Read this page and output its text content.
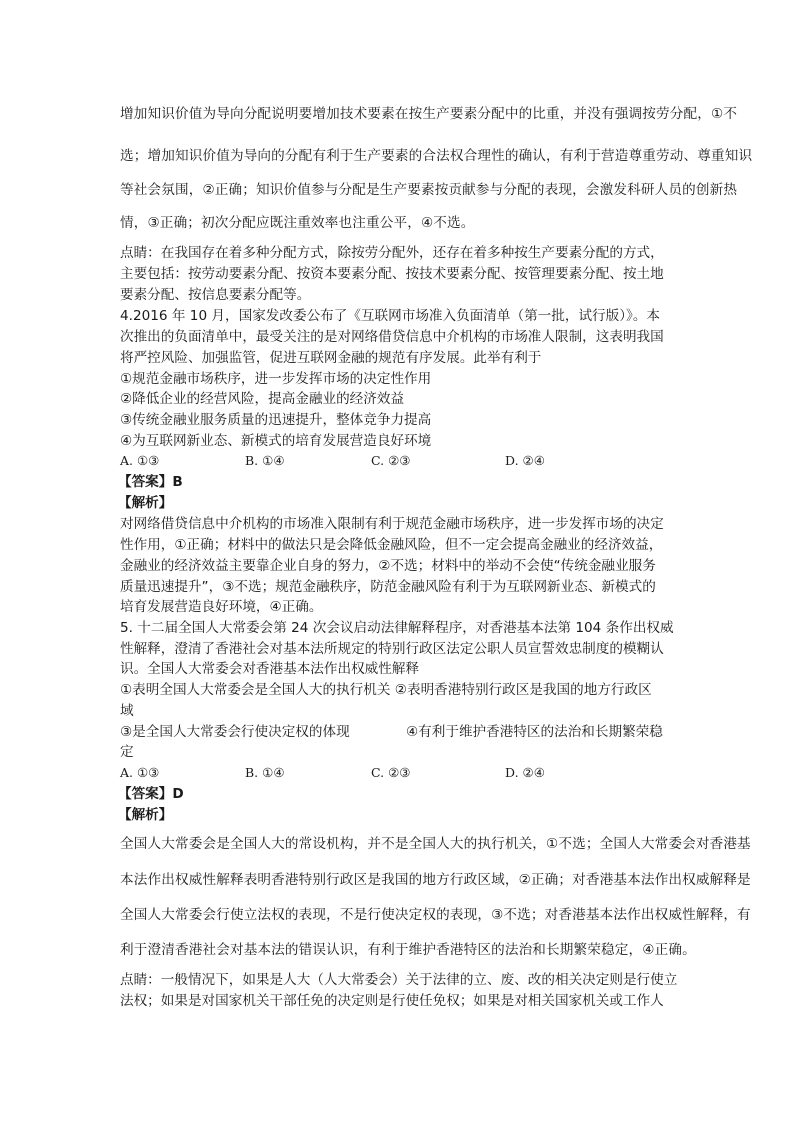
增加知识价值为导向分配说明要增加技术要素在按生产要素分配中的比重，并没有强调按劳分配，①不
选；增加知识价值为导向的分配有利于生产要素的合法权合理性的确认，有利于营造尊重劳动、尊重知识
等社会氛围，②正确；知识价值参与分配是生产要素按贡献参与分配的表现，会激发科研人员的创新热
情，③正确；初次分配应既注重效率也注重公平，④不选。
点睛：在我国存在着多种分配方式，除按劳分配外，还存在着多种按生产要素分配的方式，
主要包括：按劳动要素分配、按资本要素分配、按技术要素分配、按管理要素分配、按土地
要素分配、按信息要素分配等。
4.2016 年 10 月，国家发改委公布了《互联网市场准入负面清单（第一批，试行版）》。本
次推出的负面清单中，最受关注的是对网络借贷信息中介机构的市场准人限制，这表明我国
将严控风险、加强监管，促进互联网金融的规范有序发展。此举有利于
①规范金融市场秩序，进一步发挥市场的决定性作用
②降低企业的经营风险，提高金融业的经济效益
③传统金融业服务质量的迅速提升，整体竞争力提高
④为互联网新业态、新模式的培育发展营造良好环境
A. ①③	B. ①④	C. ②③	D. ②④
【答案】B
【解析】
对网络借贷信息中介机构的市场准入限制有利于规范金融市场秩序，进一步发挥市场的决定
性作用，①正确；材料中的做法只是会降低金融风险，但不一定会提高金融业的经济效益，
金融业的经济效益主要靠企业自身的努力，②不选；材料中的举动不会使“传统金融业服务
质量迅速提升”，③不选；规范金融秩序，防范金融风险有利于为互联网新业态、新模式的
培育发展营造良好环境，④正确。
5. 十二届全国人大常委会第 24 次会议启动法律解释程序，对香港基本法第 104 条作出权威
性解释，澄清了香港社会对基本法所规定的特别行政区法定公职人员宣誓效忠制度的模糊认
识。全国人大常委会对香港基本法作出权威性解释
①表明全国人大常委会是全国人大的执行机关 ②表明香港特别行政区是我国的地方行政区
域
③是全国人大常委会行使决定权的体现	④有利于维护香港特区的法治和长期繁荣稳
定
A. ①③	B. ①④	C. ②③	D. ②④
【答案】D
【解析】
全国人大常委会是全国人大的常设机构，并不是全国人大的执行机关，①不选；全国人大常委会对香港基
本法作出权威性解释表明香港特别行政区是我国的地方行政区域，②正确；对香港基本法作出权威解释是
全国人大常委会行使立法权的表现，不是行使决定权的表现，③不选；对香港基本法作出权威性解释，有
利于澄清香港社会对基本法的错误认识，有利于维护香港特区的法治和长期繁荣稳定，④正确。
点睛：一般情况下，如果是人大（人大常委会）关于法律的立、废、改的相关决定则是行使立
法权；如果是对国家机关干部任免的决定则是行使任免权；如果是对相关国家机关或工作人
